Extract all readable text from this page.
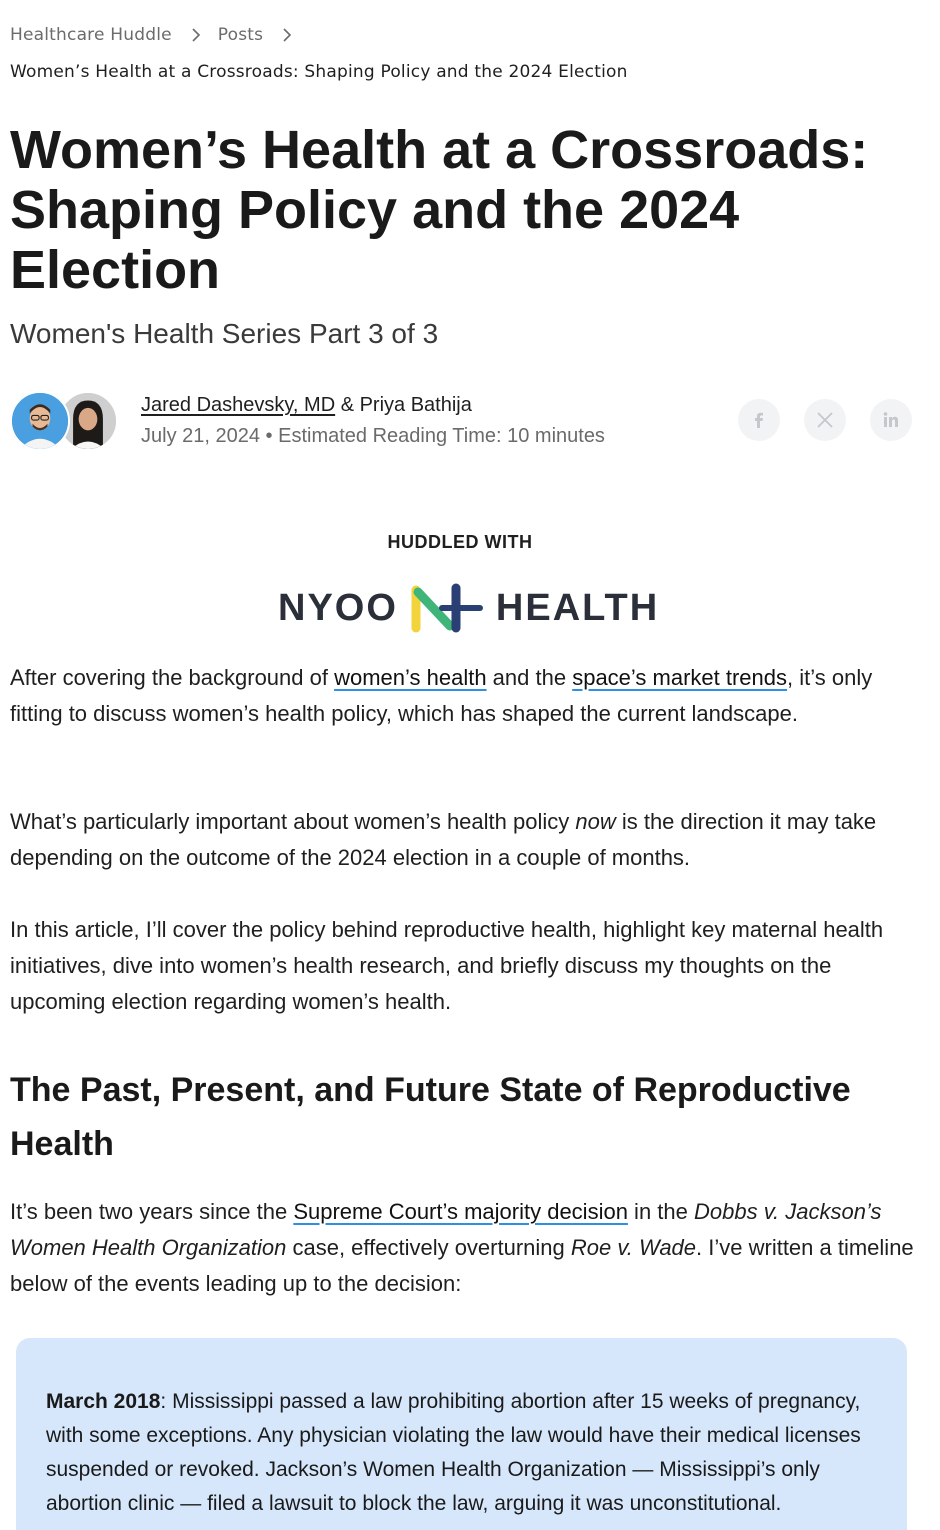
Healthcare Huddle	Posts
Women’s Health at a Crossroads: Shaping Policy and the 2024 Election
Women’s Health at a Crossroads: Shaping Policy and the 2024 Election
Women's Health Series Part 3 of 3
Jared Dashevsky, MD & Priya Bathija
July 21, 2024 • Estimated Reading Time: 10 minutes
HUDDLED WITH
NYOO	HEALTH

After covering the background of women’s health and the space’s market trends, it’s only fitting to discuss women’s health policy, which has shaped the current landscape.

What’s particularly important about women’s health policy now is the direction it may take depending on the outcome of the 2024 election in a couple of months.

In this article, I’ll cover the policy behind reproductive health, highlight key maternal health initiatives, dive into women’s health research, and briefly discuss my thoughts on the upcoming election regarding women’s health.

The Past, Present, and Future State of Reproductive Health

It’s been two years since the Supreme Court’s majority decision in the Dobbs v. Jackson’s Women Health Organization case, effectively overturning Roe v. Wade. I’ve written a timeline below of the events leading up to the decision:

March 2018: Mississippi passed a law prohibiting abortion after 15 weeks of pregnancy, with some exceptions. Any physician violating the law would have their medical licenses suspended or revoked. Jackson’s Women Health Organization — Mississippi’s only abortion clinic — filed a lawsuit to block the law, arguing it was unconstitutional.
